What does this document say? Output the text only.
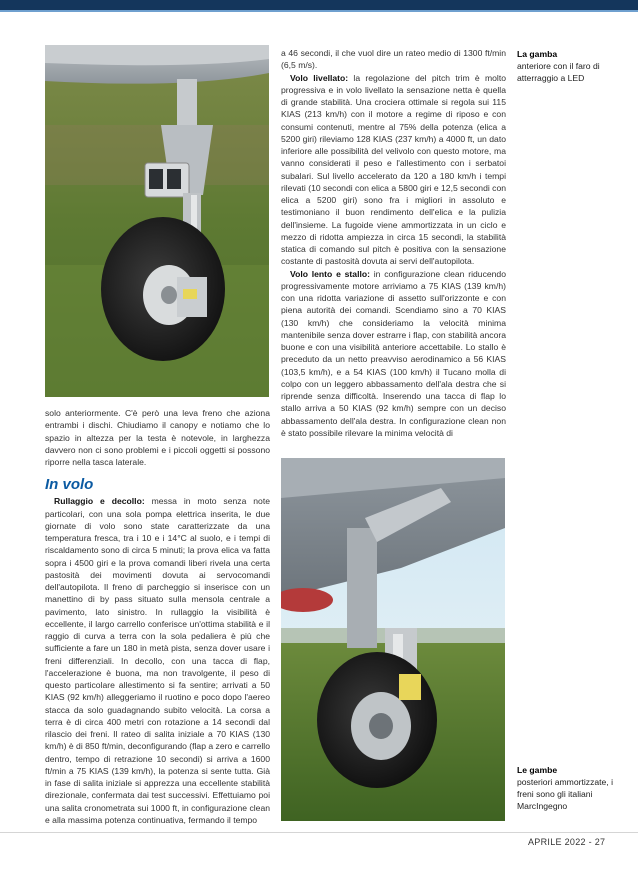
La gamba
anteriore con il faro di atterraggio a LED

a 46 secondi, il che vuol dire un rateo medio di 1300 ft/min (6,5 m/s).

Volo livellato: la regolazione del pitch trim è molto progressiva e in volo livellato la sensazione netta è quella di grande stabilità. Una crociera ottimale si regola sui 115 KIAS (213 km/h) con il motore a regime di riposo e con consumi contenuti, mentre al 75% della potenza (elica a 5200 giri) rileviamo 128 KIAS (237 km/h) a 4000 ft, un dato inferiore alle possibilità del velivolo con questo motore, ma vanno considerati il peso e l'allestimento con i serbatoi subalari. Sul livello accelerato da 120 a 180 km/h i tempi rilevati (10 secondi con elica a 5800 giri e 12,5 secondi con elica a 5200 giri) sono fra i migliori in assoluto e testimoniano il buon rendimento dell'elica e la pulizia dell'insieme. La fugoide viene ammortizzata in un ciclo e mezzo di ridotta ampiezza in circa 15 secondi, la stabilità statica di comando sul pitch è positiva con la sensazione costante di pastosità dovuta ai servi dell'autopilota.

Volo lento e stallo: in configurazione clean riducendo progressivamente motore arriviamo a 75 KIAS (139 km/h) con una ridotta variazione di assetto sull'orizzonte e con piena autorità dei comandi. Scendiamo sino a 70 KIAS (130 km/h) che consideriamo la velocità minima mantenibile senza dover estrarre i flap, con stabilità ancora buone e con una visibilità anteriore accettabile. Lo stallo è preceduto da un netto preavviso aerodinamico a 56 KIAS (103,5 km/h), e a 54 KIAS (100 km/h) il Tucano molla di colpo con un leggero abbassamento dell'ala destra che si riprende senza difficoltà. Inserendo una tacca di flap lo stallo arriva a 50 KIAS (92 km/h) sempre con un deciso abbassamento dell'ala destra. In configurazione clean non è stato possibile rilevare la minima velocità di

solo anteriormente. C'è però una leva freno che aziona entrambi i dischi. Chiudiamo il canopy e notiamo che lo spazio in altezza per la testa è notevole, in larghezza davvero non ci sono problemi e i piccoli oggetti si possono riporre nella tasca laterale.

In volo

Rullaggio e decollo: messa in moto senza note particolari, con una sola pompa elettrica inserita, le due giornate di volo sono state caratterizzate da una temperatura fresca, tra i 10 e i 14°C al suolo, e i tempi di riscaldamento sono di circa 5 minuti; la prova elica va fatta sopra i 4500 giri e la prova comandi liberi rivela una certa pastosità dei movimenti dovuta ai servocomandi dell'autopilota. Il freno di parcheggio si inserisce con un manettino di by pass situato sulla mensola centrale a pavimento, lato sinistro. In rullaggio la visibilità è eccellente, il largo carrello conferisce un'ottima stabilità e il raggio di curva a terra con la sola pedaliera è più che sufficiente a fare un 180 in metà pista, senza dover usare i freni differenziali. In decollo, con una tacca di flap, l'accelerazione è buona, ma non travolgente, il peso di questo particolare allestimento si fa sentire; arrivati a 50 KIAS (92 km/h) alleggeriamo il ruotino e poco dopo l'aereo stacca da solo guadagnando subito velocità. La corsa a terra è di circa 400 metri con rotazione a 14 secondi dal rilascio dei freni. Il rateo di salita iniziale a 70 KIAS (130 km/h) è di 850 ft/min, deconfigurando (flap a zero e carrello dentro, tempo di retrazione 10 secondi) si arriva a 1600 ft/min a 75 KIAS (139 km/h), la potenza si sente tutta. Già in fase di salita iniziale si apprezza una eccellente stabilità direzionale, confermata dai test successivi. Effettuiamo poi una salita cronometrata sui 1000 ft, in configurazione clean e alla massima potenza continuativa, fermando il tempo

Le gambe
posteriori ammortizzate, i freni sono gli italiani MarcIngegno
APRILE 2022 - 27
